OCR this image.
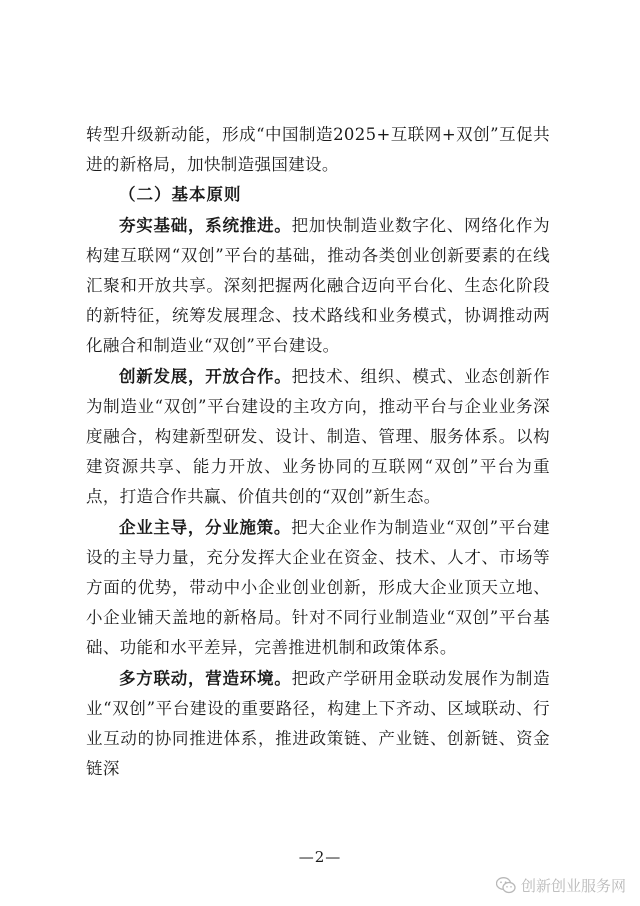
转型升级新动能，形成“中国制造2025+互联网+双创”互促共进的新格局，加快制造强国建设。

（二）基本原则

夯实基础，系统推进。把加快制造业数字化、网络化作为构建互联网“双创”平台的基础，推动各类创业创新要素的在线汇聚和开放共享。深刻把握两化融合迈向平台化、生态化阶段的新特征，统筹发展理念、技术路线和业务模式，协调推动两化融合和制造业“双创”平台建设。

创新发展，开放合作。把技术、组织、模式、业态创新作为制造业“双创”平台建设的主攻方向，推动平台与企业业务深度融合，构建新型研发、设计、制造、管理、服务体系。以构建资源共享、能力开放、业务协同的互联网“双创”平台为重点，打造合作共赢、价值共创的“双创”新生态。

企业主导，分业施策。把大企业作为制造业“双创”平台建设的主导力量，充分发挥大企业在资金、技术、人才、市场等方面的优势，带动中小企业创业创新，形成大企业顶天立地、小企业铺天盖地的新格局。针对不同行业制造业“双创”平台基础、功能和水平差异，完善推进机制和政策体系。

多方联动，营造环境。把政产学研用金联动发展作为制造业“双创”平台建设的重要路径，构建上下齐动、区域联动、行业互动的协同推进体系，推进政策链、产业链、创新链、资金链深

—2—
创新创业服务网
